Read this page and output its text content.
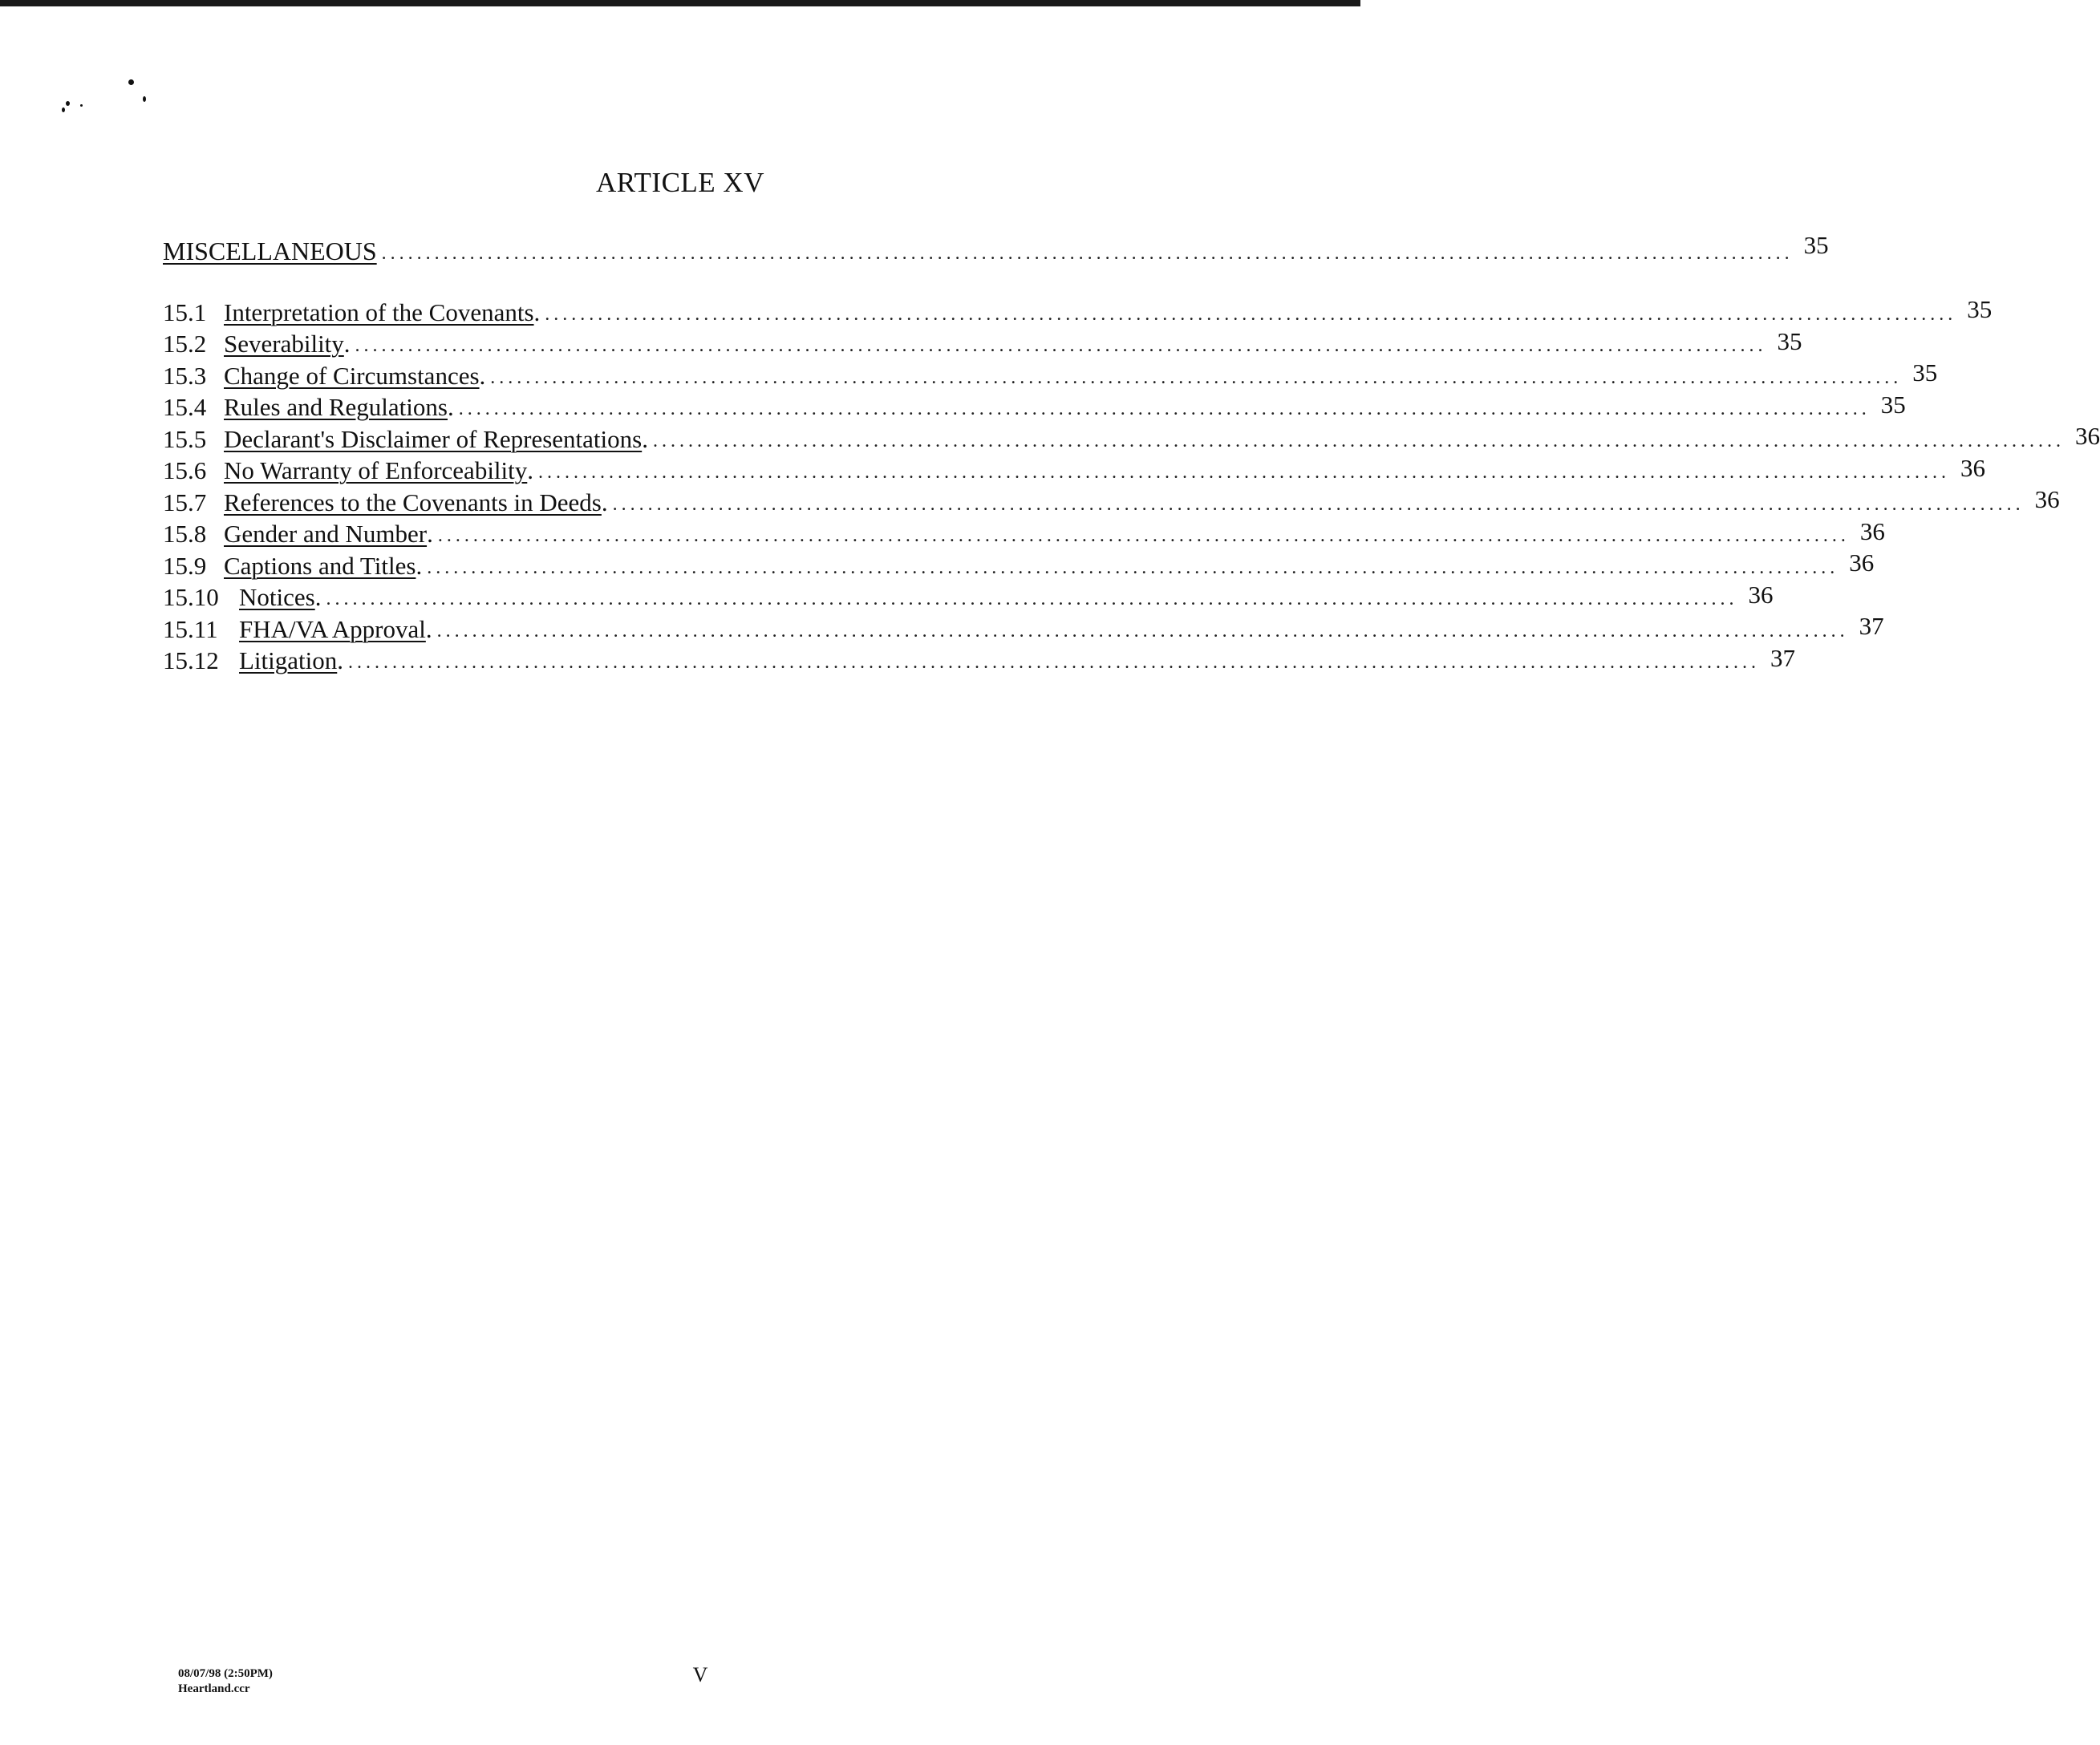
ARTICLE XV
MISCELLANEOUS ................................................................................................................................................................ 35
15.1 Interpretation of the Covenants . ................................................................................................................................................................ 35
15.2 Severability . ................................................................................................................................................................ 35
15.3 Change of Circumstances . ................................................................................................................................................................ 35
15.4 Rules and Regulations . ................................................................................................................................................................ 35
15.5 Declarant's Disclaimer of Representations . ................................................................................................................................................................ 36
15.6 No Warranty of Enforceability . ................................................................................................................................................................ 36
15.7 References to the Covenants in Deeds . ................................................................................................................................................................ 36
15.8 Gender and Number . ................................................................................................................................................................ 36
15.9 Captions and Titles . ................................................................................................................................................................ 36
15.10 Notices . ................................................................................................................................................................ 36
15.11 FHA/VA Approval . ................................................................................................................................................................ 37
15.12 Litigation . ................................................................................................................................................................ 37
08/07/98 (2:50PM)
Heartland.ccr
V
